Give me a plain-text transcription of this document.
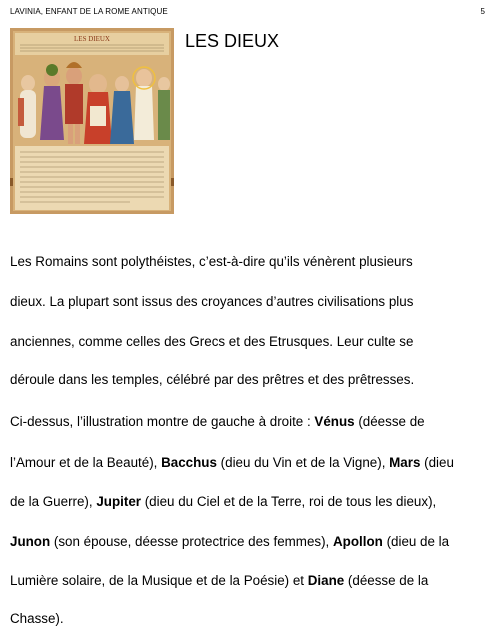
LAVINIA, ENFANT DE LA ROME ANTIQUE	5
LES DIEUX	LES DIEUX
Les Romains sont polythéistes, c’est-à-dire qu’ils vénèrent plusieurs
dieux. La plupart sont issus des croyances d’autres civilisations plus
anciennes, comme celles des Grecs et des Etrusques. Leur culte se
déroule dans les temples, célébré par des prêtres et des prêtresses.
Ci-dessus, l’illustration montre de gauche à droite : Vénus (déesse de
l’Amour et de la Beauté), Bacchus (dieu du Vin et de la Vigne), Mars (dieu
de la Guerre), Jupiter (dieu du Ciel et de la Terre, roi de tous les dieux),
Junon (son épouse, déesse protectrice des femmes), Apollon (dieu de la
Lumière solaire, de la Musique et de la Poésie) et Diane (déesse de la
Chasse).
